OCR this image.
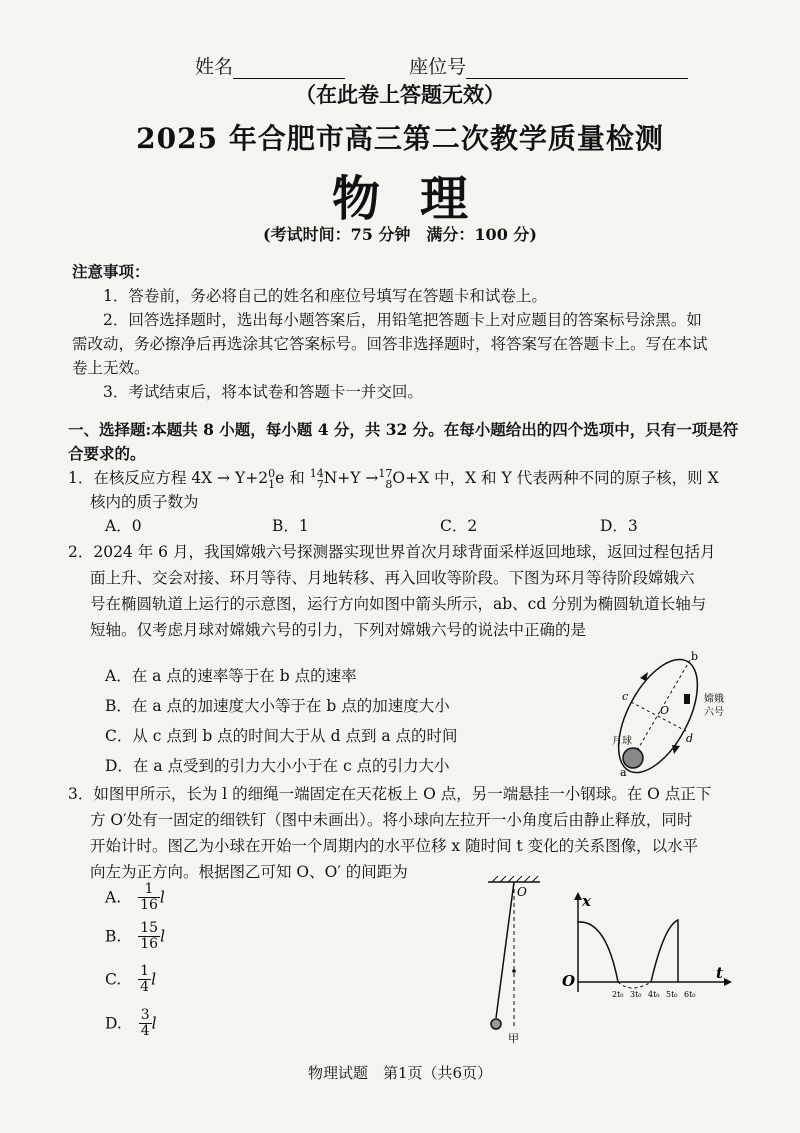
姓名	座位号
（在此卷上答题无效）
2025 年合肥市高三第二次教学质量检测
物理
(考试时间：75 分钟　满分：100 分)
注意事项：
1．答卷前，务必将自己的姓名和座位号填写在答题卡和试卷上。
2．回答选择题时，选出每小题答案后，用铅笔把答题卡上对应题目的答案标号涂黑。如
需改动，务必擦净后再选涂其它答案标号。回答非选择题时，将答案写在答题卡上。写在本试
卷上无效。
3．考试结束后，将本试卷和答题卡一并交回。
一、选择题:本题共 8 小题，每小题 4 分，共 32 分。在每小题给出的四个选项中，只有一项是符
合要求的。
1．在核反应方程 4X → Y+2 0
1 e 和 14
7 N+Y → 17
8 O+X 中，X 和 Y 代表两种不同的原子核，则 X
核内的质子数为
A．0	B．1	C．2	D．3
2．2024 年 6 月，我国嫦娥六号探测器实现世界首次月球背面采样返回地球，返回过程包括月
面上升、交会对接、环月等待、月地转移、再入回收等阶段。下图为环月等待阶段嫦娥六
号在椭圆轨道上运行的示意图，运行方向如图中箭头所示，ab、cd 分别为椭圆轨道长轴与
短轴。仅考虑月球对嫦娥六号的引力，下列对嫦娥六号的说法中正确的是
A．在 a 点的速率等于在 b 点的速率
B．在 a 点的加速度大小等于在 b 点的加速度大小
C．从 c 点到 b 点的时间大于从 d 点到 a 点的时间
D．在 a 点受到的引力大小小于在 c 点的引力大小
b
a
c
d
O
月球
嫦娥
六号
3．如图甲所示，长为 l 的细绳一端固定在天花板上 O 点，另一端悬挂一小钢球。在 O 点正下
方 O′处有一固定的细铁钉（图中未画出）。将小球向左拉开一小角度后由静止释放，同时
开始计时。图乙为小球在开始一个周期内的水平位移 x 随时间 t 变化的关系图像，以水平
向左为正方向。根据图乙可知 O、O′ 的间距为
A. $\frac{1}{16}$ l
B. $\frac{15}{16}$ l
C. $\frac{1}{4}$ l
D. $\frac{3}{4}$ l
O
甲
x
t
O
2t₀ 3t₀ 4t₀ 5t₀ 6t₀
物理试题　第1页（共6页）
